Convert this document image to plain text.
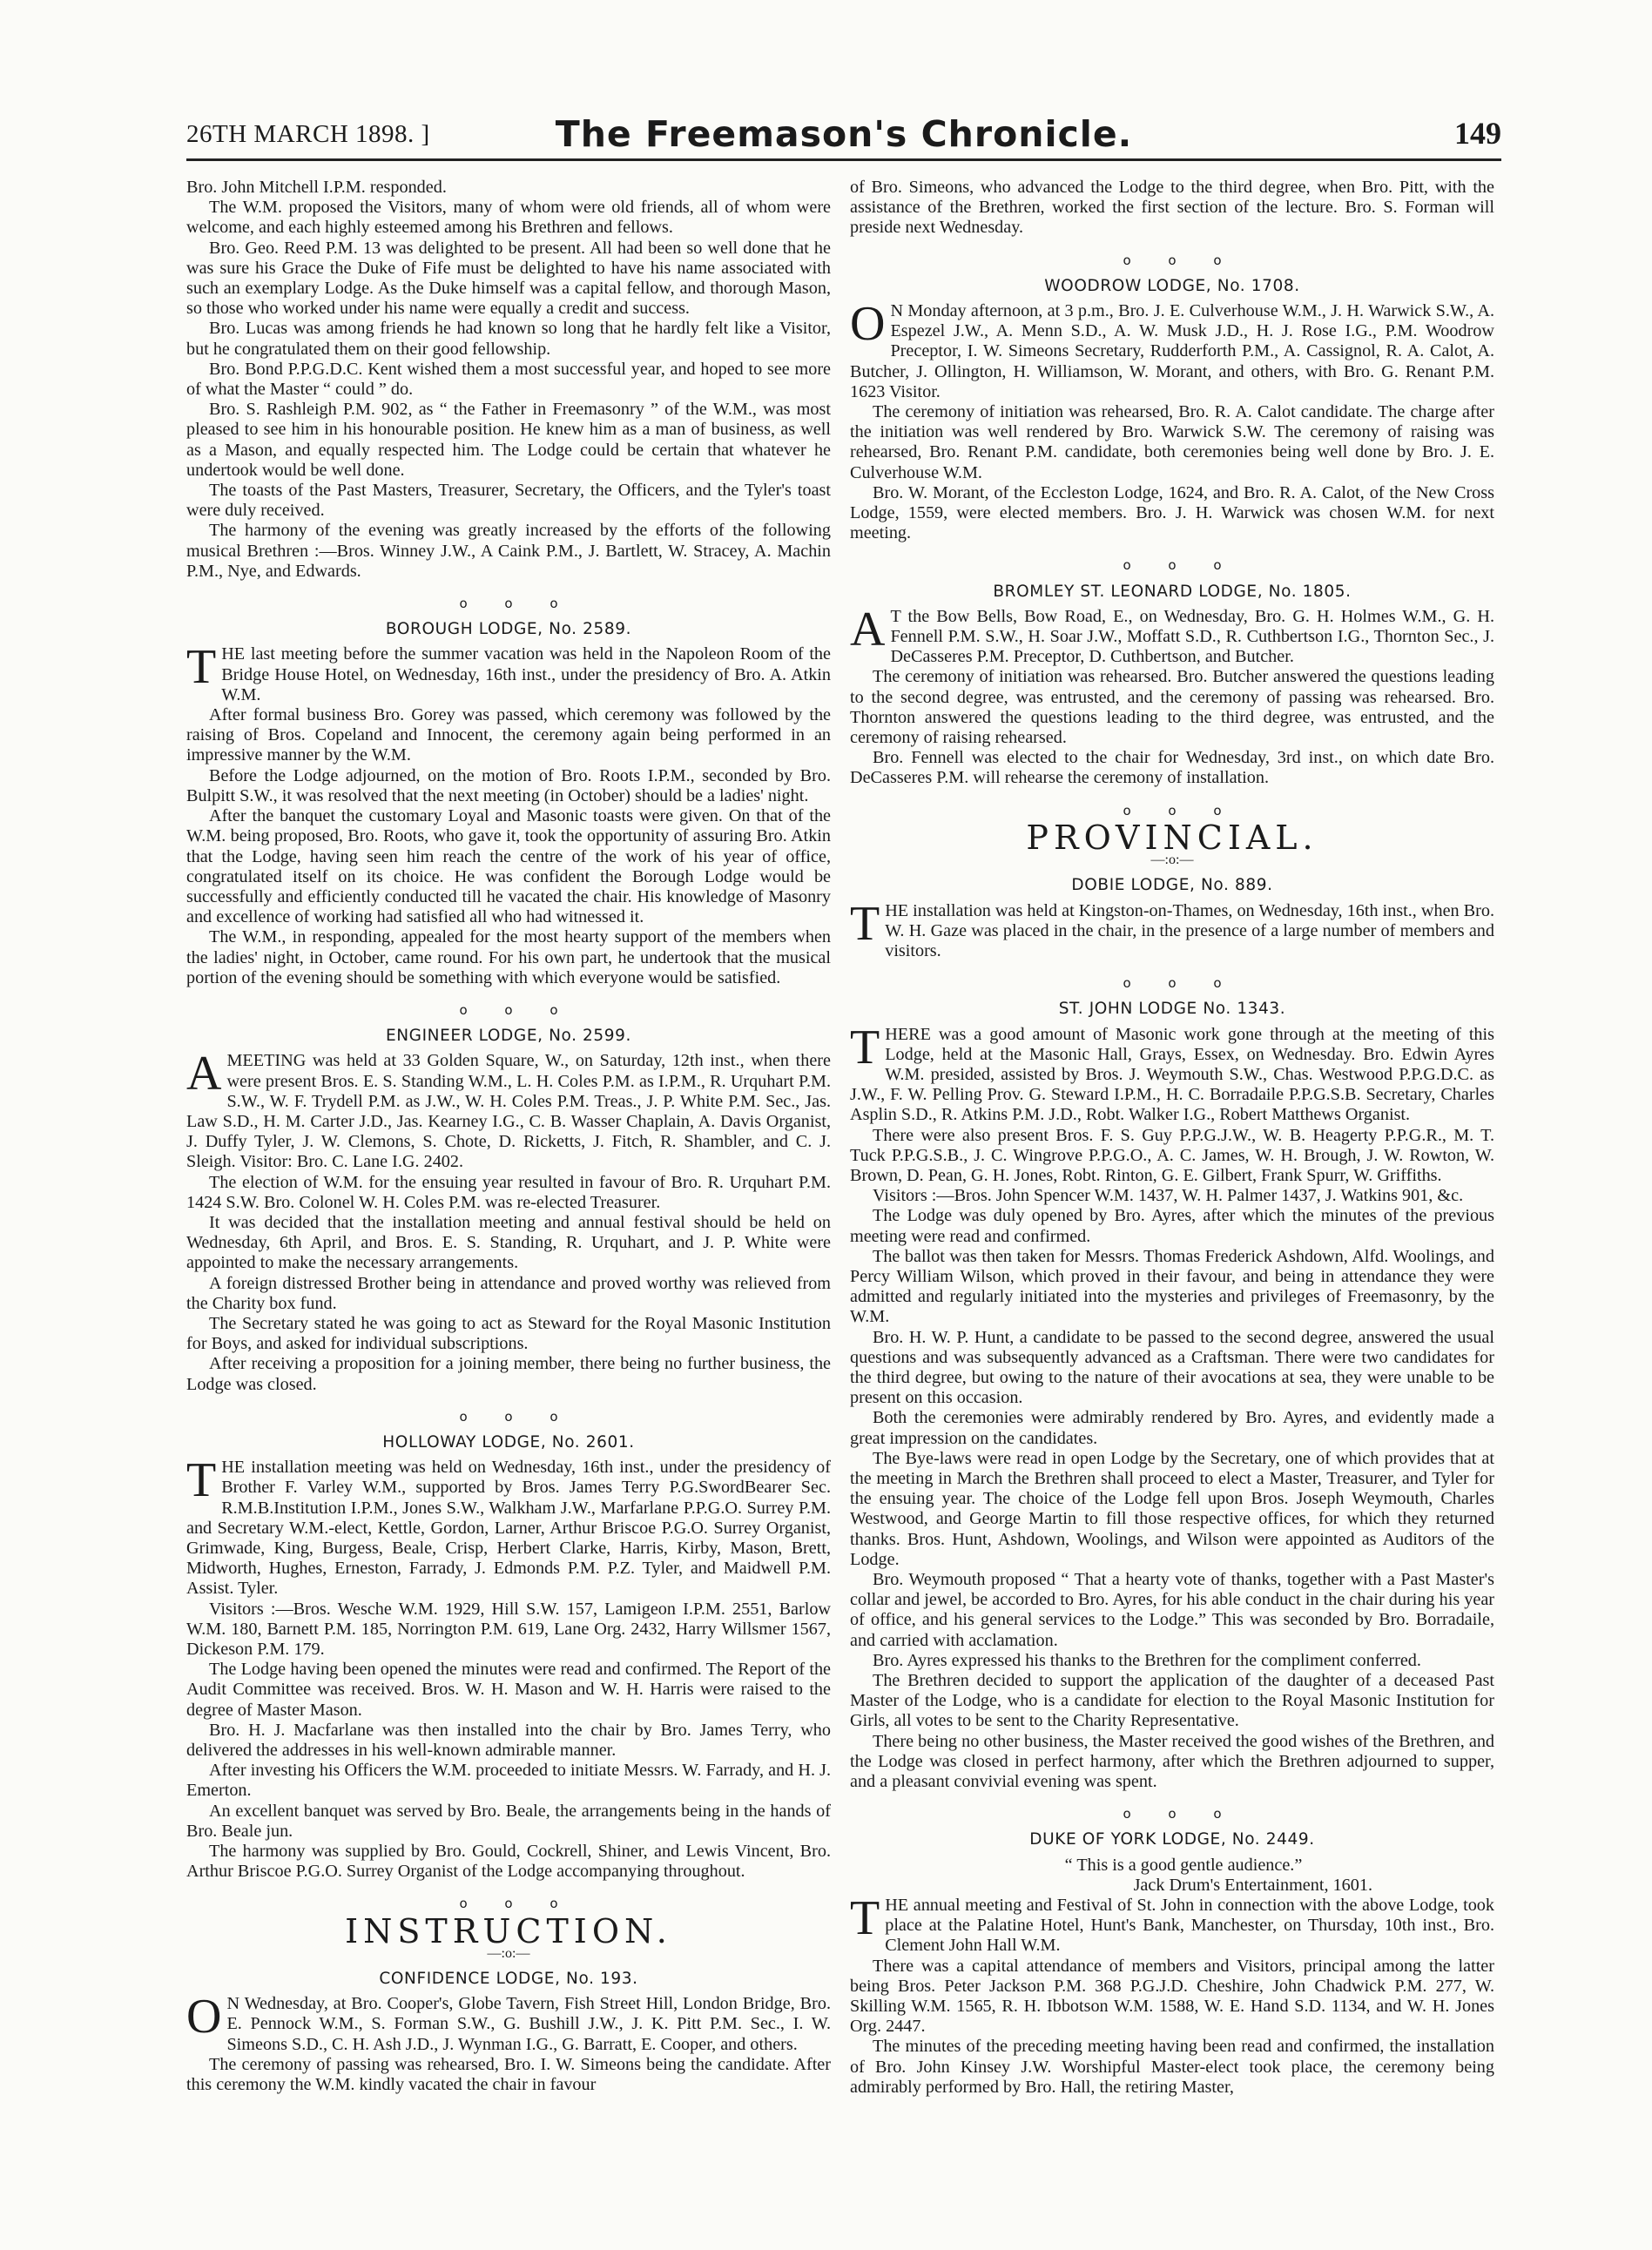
26TH MARCH 1898. ]	The Freemason's Chronicle.	149

Bro. John Mitchell I.P.M. responded.

The W.M. proposed the Visitors, many of whom were old friends, all of whom were welcome, and each highly esteemed among his Brethren and fellows.

Bro. Geo. Reed P.M. 13 was delighted to be present. All had been so well done that he was sure his Grace the Duke of Fife must be delighted to have his name associated with such an exemplary Lodge. As the Duke himself was a capital fellow, and thorough Mason, so those who worked under his name were equally a credit and success.

Bro. Lucas was among friends he had known so long that he hardly felt like a Visitor, but he congratulated them on their good fellowship.

Bro. Bond P.P.G.D.C. Kent wished them a most successful year, and hoped to see more of what the Master “ could ” do.

Bro. S. Rashleigh P.M. 902, as “ the Father in Freemasonry ” of the W.M., was most pleased to see him in his honourable position. He knew him as a man of business, as well as a Mason, and equally respected him. The Lodge could be certain that whatever he undertook would be well done.

The toasts of the Past Masters, Treasurer, Secretary, the Officers, and the Tyler's toast were duly received.

The harmony of the evening was greatly increased by the efforts of the following musical Brethren :—Bros. Winney J.W., A Caink P.M., J. Bartlett, W. Stracey, A. Machin P.M., Nye, and Edwards.

o o o
BOROUGH LODGE, No. 2589.

THE last meeting before the summer vacation was held in the Napoleon Room of the Bridge House Hotel, on Wednesday, 16th inst., under the presidency of Bro. A. Atkin W.M.

After formal business Bro. Gorey was passed, which ceremony was followed by the raising of Bros. Copeland and Innocent, the ceremony again being performed in an impressive manner by the W.M.

Before the Lodge adjourned, on the motion of Bro. Roots I.P.M., seconded by Bro. Bulpitt S.W., it was resolved that the next meeting (in October) should be a ladies' night.

After the banquet the customary Loyal and Masonic toasts were given. On that of the W.M. being proposed, Bro. Roots, who gave it, took the opportunity of assuring Bro. Atkin that the Lodge, having seen him reach the centre of the work of his year of office, congratulated itself on its choice. He was confident the Borough Lodge would be successfully and efficiently conducted till he vacated the chair. His knowledge of Masonry and excellence of working had satisfied all who had witnessed it.

The W.M., in responding, appealed for the most hearty support of the members when the ladies' night, in October, came round. For his own part, he undertook that the musical portion of the evening should be something with which everyone would be satisfied.

o o o
ENGINEER LODGE, No. 2599.

AMEETING was held at 33 Golden Square, W., on Saturday, 12th inst., when there were present Bros. E. S. Standing W.M., L. H. Coles P.M. as I.P.M., R. Urquhart P.M. S.W., W. F. Trydell P.M. as J.W., W. H. Coles P.M. Treas., J. P. White P.M. Sec., Jas. Law S.D., H. M. Carter J.D., Jas. Kearney I.G., C. B. Wasser Chaplain, A. Davis Organist, J. Duffy Tyler, J. W. Clemons, S. Chote, D. Ricketts, J. Fitch, R. Shambler, and C. J. Sleigh. Visitor: Bro. C. Lane I.G. 2402.

The election of W.M. for the ensuing year resulted in favour of Bro. R. Urquhart P.M. 1424 S.W. Bro. Colonel W. H. Coles P.M. was re-elected Treasurer.

It was decided that the installation meeting and annual festival should be held on Wednesday, 6th April, and Bros. E. S. Standing, R. Urquhart, and J. P. White were appointed to make the necessary arrangements.

A foreign distressed Brother being in attendance and proved worthy was relieved from the Charity box fund.

The Secretary stated he was going to act as Steward for the Royal Masonic Institution for Boys, and asked for individual subscriptions.

After receiving a proposition for a joining member, there being no further business, the Lodge was closed.

o o o
HOLLOWAY LODGE, No. 2601.

THE installation meeting was held on Wednesday, 16th inst., under the presidency of Brother F. Varley W.M., supported by Bros. James Terry P.G.SwordBearer Sec. R.M.B.Institution I.P.M., Jones S.W., Walkham J.W., Marfarlane P.P.G.O. Surrey P.M. and Secretary W.M.-elect, Kettle, Gordon, Larner, Arthur Briscoe P.G.O. Surrey Organist, Grimwade, King, Burgess, Beale, Crisp, Herbert Clarke, Harris, Kirby, Mason, Brett, Midworth, Hughes, Erneston, Farrady, J. Edmonds P.M. P.Z. Tyler, and Maidwell P.M. Assist. Tyler.

Visitors :—Bros. Wesche W.M. 1929, Hill S.W. 157, Lamigeon I.P.M. 2551, Barlow W.M. 180, Barnett P.M. 185, Norrington P.M. 619, Lane Org. 2432, Harry Willsmer 1567, Dickeson P.M. 179.

The Lodge having been opened the minutes were read and confirmed. The Report of the Audit Committee was received. Bros. W. H. Mason and W. H. Harris were raised to the degree of Master Mason.

Bro. H. J. Macfarlane was then installed into the chair by Bro. James Terry, who delivered the addresses in his well-known admirable manner.

After investing his Officers the W.M. proceeded to initiate Messrs. W. Farrady, and H. J. Emerton.

An excellent banquet was served by Bro. Beale, the arrangements being in the hands of Bro. Beale jun.

The harmony was supplied by Bro. Gould, Cockrell, Shiner, and Lewis Vincent, Bro. Arthur Briscoe P.G.O. Surrey Organist of the Lodge accompanying throughout.

o o o
INSTRUCTION.
—:o:—
CONFIDENCE LODGE, No. 193.

O N Wednesday, at Bro. Cooper's, Globe Tavern, Fish Street Hill, London Bridge, Bro. E. Pennock W.M., S. Forman S.W., G. Bushill J.W., J. K. Pitt P.M. Sec., I. W. Simeons S.D., C. H. Ash J.D., J. Wynman I.G., G. Barratt, E. Cooper, and others.

The ceremony of passing was rehearsed, Bro. I. W. Simeons being the candidate. After this ceremony the W.M. kindly vacated the chair in favour

of Bro. Simeons, who advanced the Lodge to the third degree, when Bro. Pitt, with the assistance of the Brethren, worked the first section of the lecture. Bro. S. Forman will preside next Wednesday.

o o o
WOODROW LODGE, No. 1708.

O N Monday afternoon, at 3 p.m., Bro. J. E. Culverhouse W.M., J. H. Warwick S.W., A. Espezel J.W., A. Menn S.D., A. W. Musk J.D., H. J. Rose I.G., P.M. Woodrow Preceptor, I. W. Simeons Secretary, Rudderforth P.M., A. Cassignol, R. A. Calot, A. Butcher, J. Ollington, H. Williamson, W. Morant, and others, with Bro. G. Renant P.M. 1623 Visitor.

The ceremony of initiation was rehearsed, Bro. R. A. Calot candidate. The charge after the initiation was well rendered by Bro. Warwick S.W. The ceremony of raising was rehearsed, Bro. Renant P.M. candidate, both ceremonies being well done by Bro. J. E. Culverhouse W.M.

Bro. W. Morant, of the Eccleston Lodge, 1624, and Bro. R. A. Calot, of the New Cross Lodge, 1559, were elected members. Bro. J. H. Warwick was chosen W.M. for next meeting.

o o o
BROMLEY ST. LEONARD LODGE, No. 1805.

A T the Bow Bells, Bow Road, E., on Wednesday, Bro. G. H. Holmes W.M., G. H. Fennell P.M. S.W., H. Soar J.W., Moffatt S.D., R. Cuthbertson I.G., Thornton Sec., J. DeCasseres P.M. Preceptor, D. Cuthbertson, and Butcher.

The ceremony of initiation was rehearsed. Bro. Butcher answered the questions leading to the second degree, was entrusted, and the ceremony of passing was rehearsed. Bro. Thornton answered the questions leading to the third degree, was entrusted, and the ceremony of raising rehearsed.

Bro. Fennell was elected to the chair for Wednesday, 3rd inst., on which date Bro. DeCasseres P.M. will rehearse the ceremony of installation.

o o o
PROVINCIAL.
—:o:—
DOBIE LODGE, No. 889.

THE installation was held at Kingston-on-Thames, on Wednesday, 16th inst., when Bro. W. H. Gaze was placed in the chair, in the presence of a large number of members and visitors.

o o o
ST. JOHN LODGE No. 1343.

THERE was a good amount of Masonic work gone through at the meeting of this Lodge, held at the Masonic Hall, Grays, Essex, on Wednesday. Bro. Edwin Ayres W.M. presided, assisted by Bros. J. Weymouth S.W., Chas. Westwood P.P.G.D.C. as J.W., F. W. Pelling Prov. G. Steward I.P.M., H. C. Borradaile P.P.G.S.B. Secretary, Charles Asplin S.D., R. Atkins P.M. J.D., Robt. Walker I.G., Robert Matthews Organist.

There were also present Bros. F. S. Guy P.P.G.J.W., W. B. Heagerty P.P.G.R., M. T. Tuck P.P.G.S.B., J. C. Wingrove P.P.G.O., A. C. James, W. H. Brough, J. W. Rowton, W. Brown, D. Pean, G. H. Jones, Robt. Rinton, G. E. Gilbert, Frank Spurr, W. Griffiths.

Visitors :—Bros. John Spencer W.M. 1437, W. H. Palmer 1437, J. Watkins 901, &c.

The Lodge was duly opened by Bro. Ayres, after which the minutes of the previous meeting were read and confirmed.

The ballot was then taken for Messrs. Thomas Frederick Ashdown, Alfd. Woolings, and Percy William Wilson, which proved in their favour, and being in attendance they were admitted and regularly initiated into the mysteries and privileges of Freemasonry, by the W.M.

Bro. H. W. P. Hunt, a candidate to be passed to the second degree, answered the usual questions and was subsequently advanced as a Craftsman. There were two candidates for the third degree, but owing to the nature of their avocations at sea, they were unable to be present on this occasion.

Both the ceremonies were admirably rendered by Bro. Ayres, and evidently made a great impression on the candidates.

The Bye-laws were read in open Lodge by the Secretary, one of which provides that at the meeting in March the Brethren shall proceed to elect a Master, Treasurer, and Tyler for the ensuing year. The choice of the Lodge fell upon Bros. Joseph Weymouth, Charles Westwood, and George Martin to fill those respective offices, for which they returned thanks. Bros. Hunt, Ashdown, Woolings, and Wilson were appointed as Auditors of the Lodge.

Bro. Weymouth proposed “ That a hearty vote of thanks, together with a Past Master's collar and jewel, be accorded to Bro. Ayres, for his able conduct in the chair during his year of office, and his general services to the Lodge.” This was seconded by Bro. Borradaile, and carried with acclamation.

Bro. Ayres expressed his thanks to the Brethren for the compliment conferred.

The Brethren decided to support the application of the daughter of a deceased Past Master of the Lodge, who is a candidate for election to the Royal Masonic Institution for Girls, all votes to be sent to the Charity Representative.

There being no other business, the Master received the good wishes of the Brethren, and the Lodge was closed in perfect harmony, after which the Brethren adjourned to supper, and a pleasant convivial evening was spent.

o o o
DUKE OF YORK LODGE, No. 2449.

“ This is a good gentle audience.”

Jack Drum's Entertainment, 1601.

THE annual meeting and Festival of St. John in connection with the above Lodge, took place at the Palatine Hotel, Hunt's Bank, Manchester, on Thursday, 10th inst., Bro. Clement John Hall W.M.

There was a capital attendance of members and Visitors, principal among the latter being Bros. Peter Jackson P.M. 368 P.G.J.D. Cheshire, John Chadwick P.M. 277, W. Skilling W.M. 1565, R. H. Ibbotson W.M. 1588, W. E. Hand S.D. 1134, and W. H. Jones Org. 2447.

The minutes of the preceding meeting having been read and confirmed, the installation of Bro. John Kinsey J.W. Worshipful Master-elect took place, the ceremony being admirably performed by Bro. Hall, the retiring Master,
